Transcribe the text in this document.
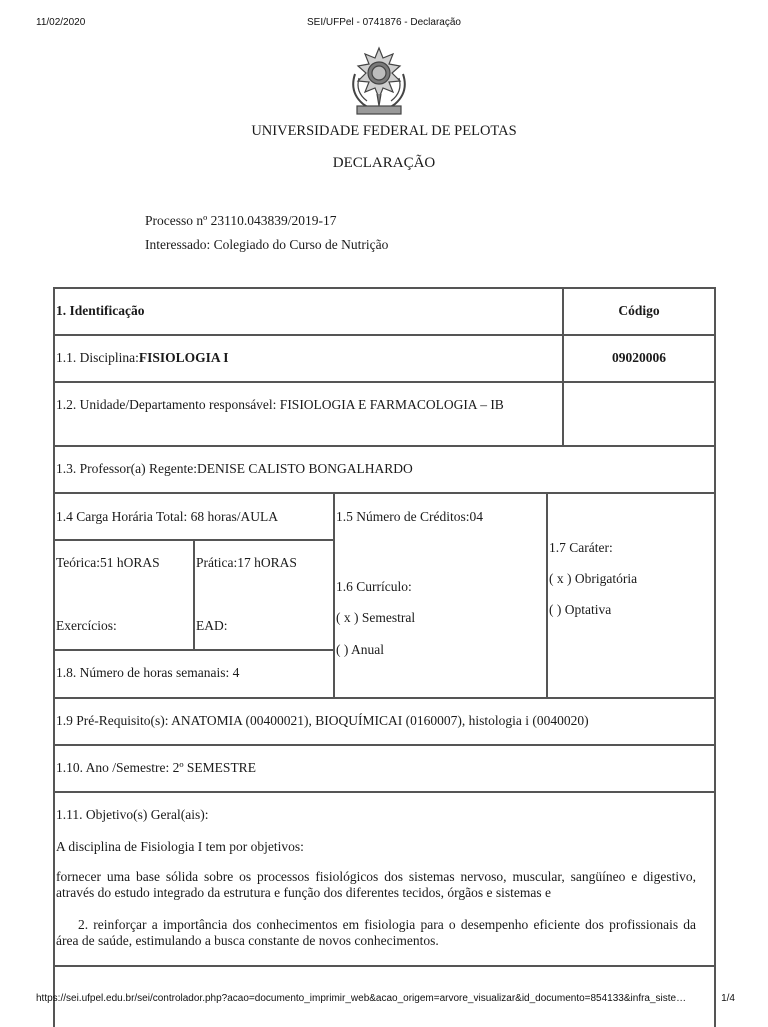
11/02/2020	SEI/UFPel - 0741876 - Declaração
UNIVERSIDADE FEDERAL DE PELOTAS
DECLARAÇÃO
Processo nº 23110.043839/2019-17
Interessado: Colegiado do Curso de Nutrição
1. Identificação	Código
1.1. Disciplina:FISIOLOGIA I	09020006
1.2. Unidade/Departamento responsável: FISIOLOGIA E FARMACOLOGIA – IB
1.3. Professor(a) Regente:DENISE CALISTO BONGALHARDO
1.4 Carga Horária Total: 68 horas/AULA	1.5 Número de Créditos:04
Teórica:51 hORAS	Prática:17 hORAS
Exercícios:	EAD:
1.8. Número de horas semanais: 4
1.6 Currículo:
( x ) Semestral
( ) Anual
1.7 Caráter:
( x ) Obrigatória
( ) Optativa
1.9 Pré-Requisito(s): ANATOMIA (00400021), BIOQUÍMICAI (0160007), histologia i (0040020)
1.10. Ano /Semestre: 2º SEMESTRE
1.11. Objetivo(s) Geral(ais):
A disciplina de Fisiologia I tem por objetivos:
fornecer uma base sólida sobre os processos fisiológicos dos sistemas nervoso, muscular, sangüíneo e digestivo, através do estudo integrado da estrutura e função dos diferentes tecidos, órgãos e sistemas e
2. reinforçar a importância dos conhecimentos em fisiologia para o desempenho eficiente dos profissionais da área de saúde, estimulando a busca constante de novos conhecimentos.
https://sei.ufpel.edu.br/sei/controlador.php?acao=documento_imprimir_web&acao_origem=arvore_visualizar&id_documento=854133&infra_siste…	1/4
